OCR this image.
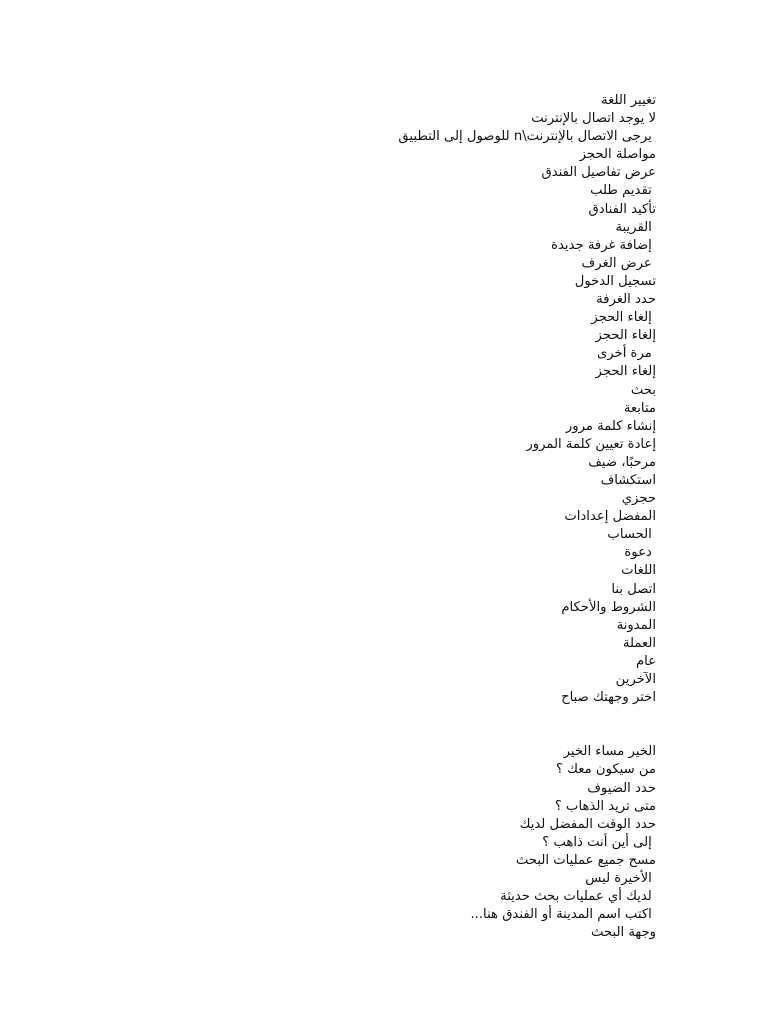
تغيير اللغة
لا يوجد اتصال بالإنترنت
يرجى الاتصال بالإنترنت\n للوصول إلى التطبيق
مواصلة الحجز
عرض تفاصيل الفندق
تقديم طلب
تأكيد الفنادق
القريبة
إضافة غرفة جديدة
عرض الغرف
تسجيل الدخول
حدد الغرفة
إلغاء الحجز
إلغاء الحجز
مرة أخرى
إلغاء الحجز
بحث
متابعة
إنشاء كلمة مرور
إعادة تعيين كلمة المرور
مرحبًا، ضيف
استكشاف
حجزي
المفضل إعدادات
الحساب
دعوة
اللغات
اتصل بنا
الشروط والأحكام
المدونة
العملة
عام
الآخرين
اختر وجهتك صباح
الخير مساء الخير
من سيكون معك ؟
حدد الضيوف
متى تريد الذهاب ؟
حدد الوقت المفضل لديك
إلى أين أنت ذاهب ؟
مسح جميع عمليات البحث
الأخيرة ليس
لديك أي عمليات بحث حديثة
اكتب اسم المدينة أو الفندق هنا...
وجهة البحث
